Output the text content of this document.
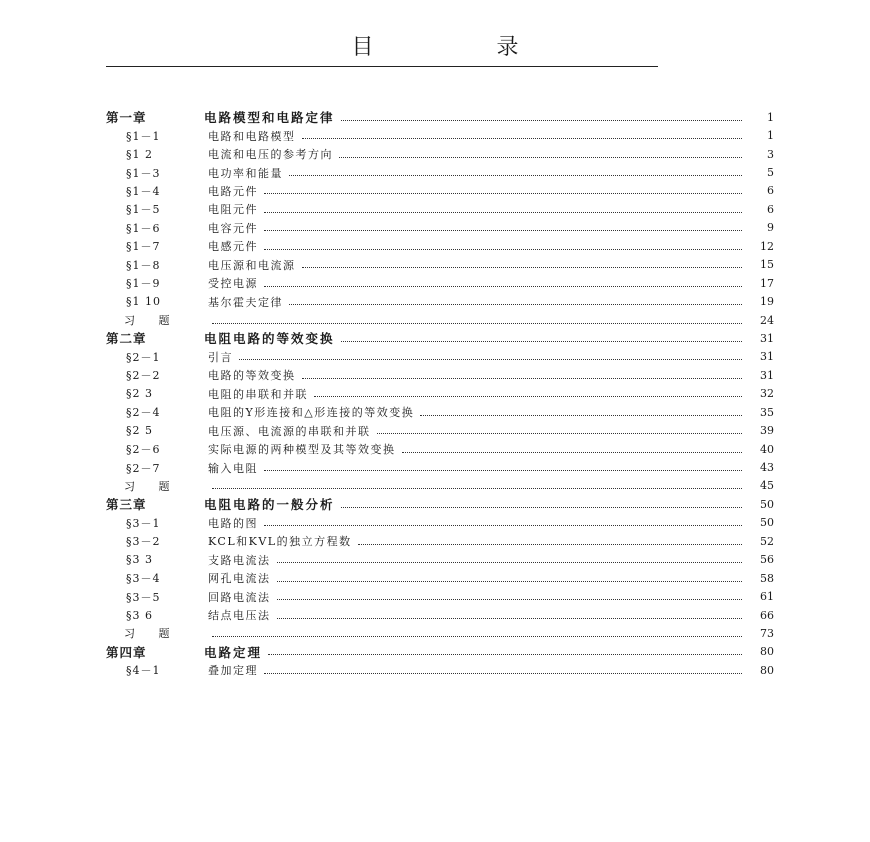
目 录
第一章	电路模型和电路定律	1
§1－1	电路和电路模型	1
§1 2	电流和电压的参考方向	3
§1－3	电功率和能量	5
§1－4	电路元件	6
§1－5	电阻元件	6
§1－6	电容元件	9
§1－7	电感元件	12
§1－8	电压源和电流源	15
§1－9	受控电源	17
§1 10	基尔霍夫定律	19
习 题	24
第二章	电阻电路的等效变换	31
§2－1	引言	31
§2－2	电路的等效变换	31
§2 3	电阻的串联和并联	32
§2－4	电阻的Y形连接和△形连接的等效变换	35
§2 5	电压源、电流源的串联和并联	39
§2－6	实际电源的两种模型及其等效变换	40
§2－7	输入电阻	43
习 题	45
第三章	电阻电路的一般分析	50
§3－1	电路的图	50
§3－2	KCL和KVL的独立方程数	52
§3 3	支路电流法	56
§3－4	网孔电流法	58
§3－5	回路电流法	61
§3 6	结点电压法	66
习 题	73
第四章	电路定理	80
§4－1	叠加定理	80
